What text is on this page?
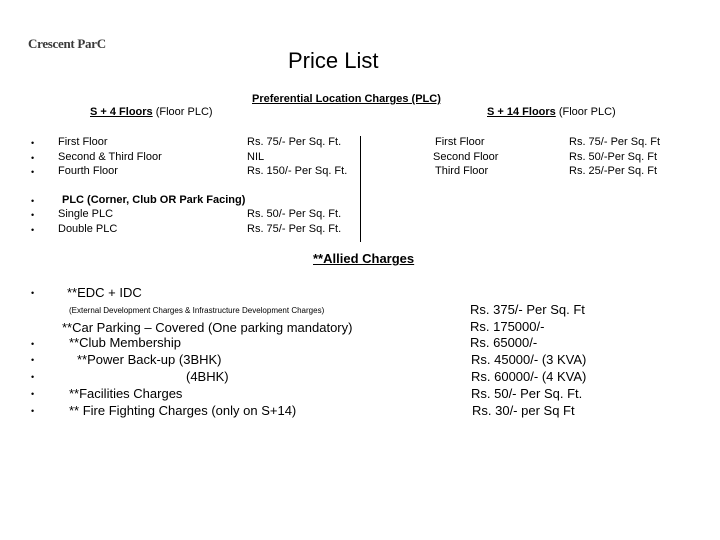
Crescent ParC
Price List
Preferential Location Charges (PLC)
S + 4 Floors (Floor PLC)	S + 14 Floors (Floor PLC)
•
•
•
First Floor
Second & Third Floor
Fourth Floor
Rs. 75/- Per Sq. Ft.
NIL
Rs. 150/- Per Sq. Ft.
•
•
•
PLC (Corner, Club OR Park Facing)
Single PLC
Double PLC
Rs. 50/- Per Sq. Ft.
Rs. 75/- Per Sq. Ft.
First Floor
Second Floor
Third Floor
Rs. 75/- Per Sq. Ft
Rs. 50/-Per Sq. Ft
Rs. 25/-Per Sq. Ft
**Allied Charges
•
•
•
•
•
•
**EDC + IDC
(External Development Charges & Infrastructure Development Charges)
**Car Parking – Covered (One parking mandatory)
**Club Membership
**Power Back-up (3BHK)
(4BHK)
**Facilities Charges
** Fire Fighting Charges (only on S+14)
Rs. 375/- Per Sq. Ft
Rs. 175000/-
Rs. 65000/-
Rs. 45000/- (3 KVA)
Rs. 60000/- (4 KVA)
Rs. 50/- Per Sq. Ft.
Rs. 30/- per Sq Ft
